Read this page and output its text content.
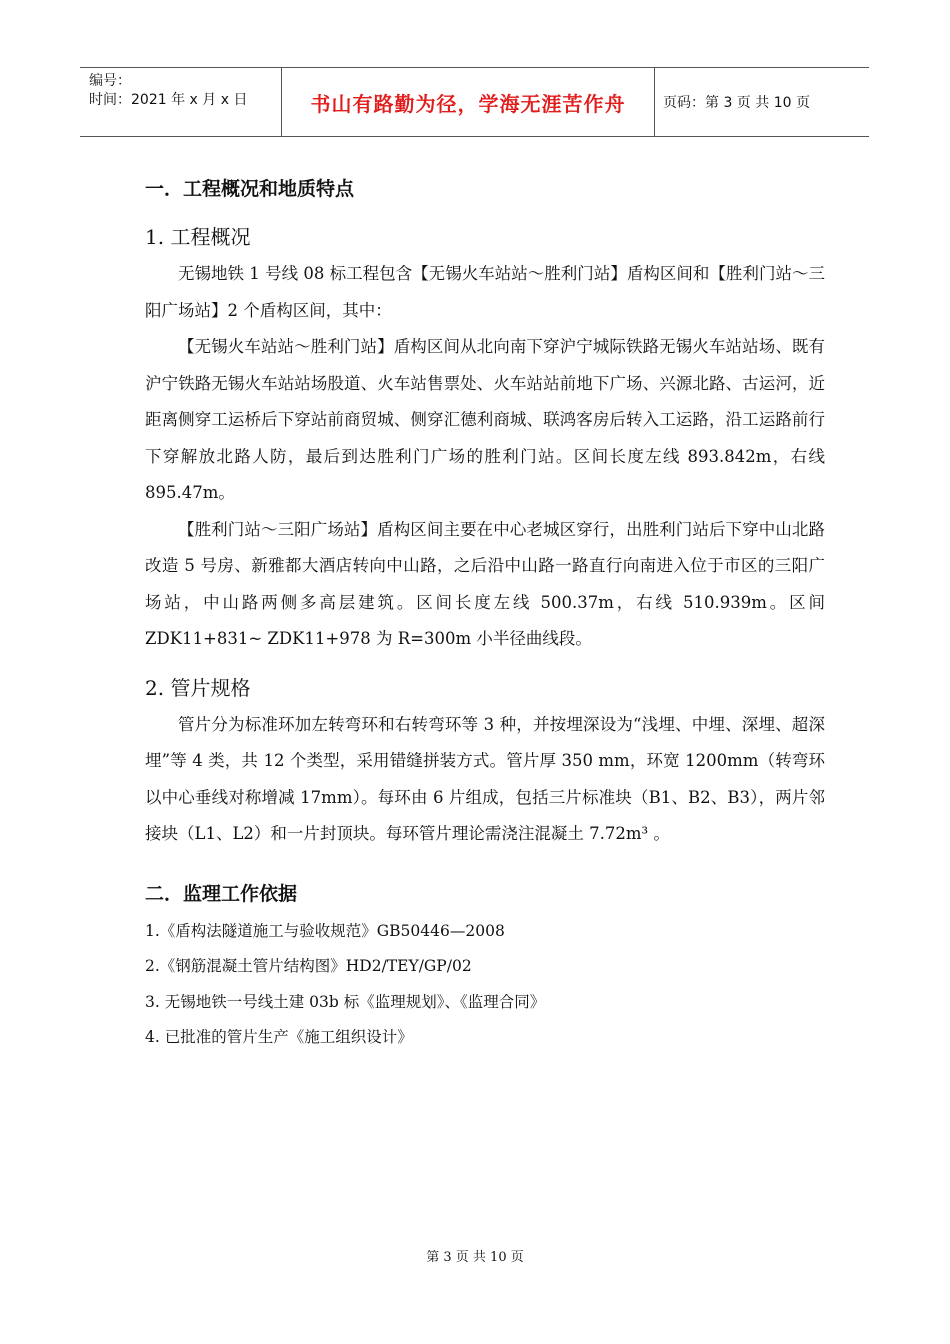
编号：
时间：2021 年 x 月 x 日	书山有路勤为径，学海无涯苦作舟	页码：第 3 页 共 10 页
一．工程概况和地质特点
1. 工程概况

无锡地铁 1 号线 08 标工程包含【无锡火车站站～胜利门站】盾构区间和【胜利门站～三阳广场站】2 个盾构区间，其中：

【无锡火车站站～胜利门站】盾构区间从北向南下穿沪宁城际铁路无锡火车站站场、既有沪宁铁路无锡火车站站场股道、火车站售票处、火车站站前地下广场、兴源北路、古运河，近距离侧穿工运桥后下穿站前商贸城、侧穿汇德利商城、联鸿客房后转入工运路，沿工运路前行下穿解放北路人防，最后到达胜利门广场的胜利门站。区间长度左线 893.842m，右线 895.47m。

【胜利门站～三阳广场站】盾构区间主要在中心老城区穿行，出胜利门站后下穿中山北路改造 5 号房、新雅都大酒店转向中山路，之后沿中山路一路直行向南进入位于市区的三阳广场站，中山路两侧多高层建筑。区间长度左线 500.37m，右线 510.939m。区间 ZDK11+831~ ZDK11+978 为 R=300m 小半径曲线段。

2. 管片规格

管片分为标准环加左转弯环和右转弯环等 3 种，并按埋深设为“浅埋、中埋、深埋、超深埋”等 4 类，共 12 个类型，采用错缝拼装方式。管片厚 350 mm，环宽 1200mm（转弯环以中心垂线对称增减 17mm）。每环由 6 片组成，包括三片标准块（B1、B2、B3），两片邻接块（L1、L2）和一片封顶块。每环管片理论需浇注混凝土 7.72m³ 。

二．监理工作依据

1.《盾构法隧道施工与验收规范》GB50446—2008

2.《钢筋混凝土管片结构图》HD2/TEY/GP/02

3. 无锡地铁一号线土建 03b 标《监理规划》、《监理合同》

4. 已批准的管片生产《施工组织设计》

第 3 页 共 10 页
